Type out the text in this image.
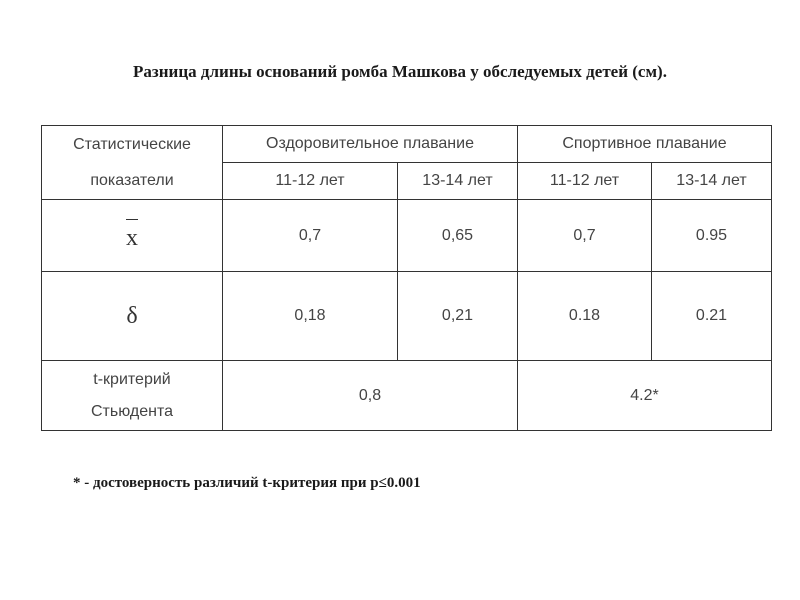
Разница длины оснований ромба Машкова у обследуемых детей (см).
Статистические
показатели	Оздоровительное плавание		Спортивное плавание	
	11-12 лет	13-14 лет	11-12 лет	13-14 лет

x	0,7	0,65	0,7	0.95
δ	0,18	0,21	0.18	0.21

t-критерий
Стьюдента	0,8		4.2*	
* - достоверность различий t-критерия при p≤0.001
